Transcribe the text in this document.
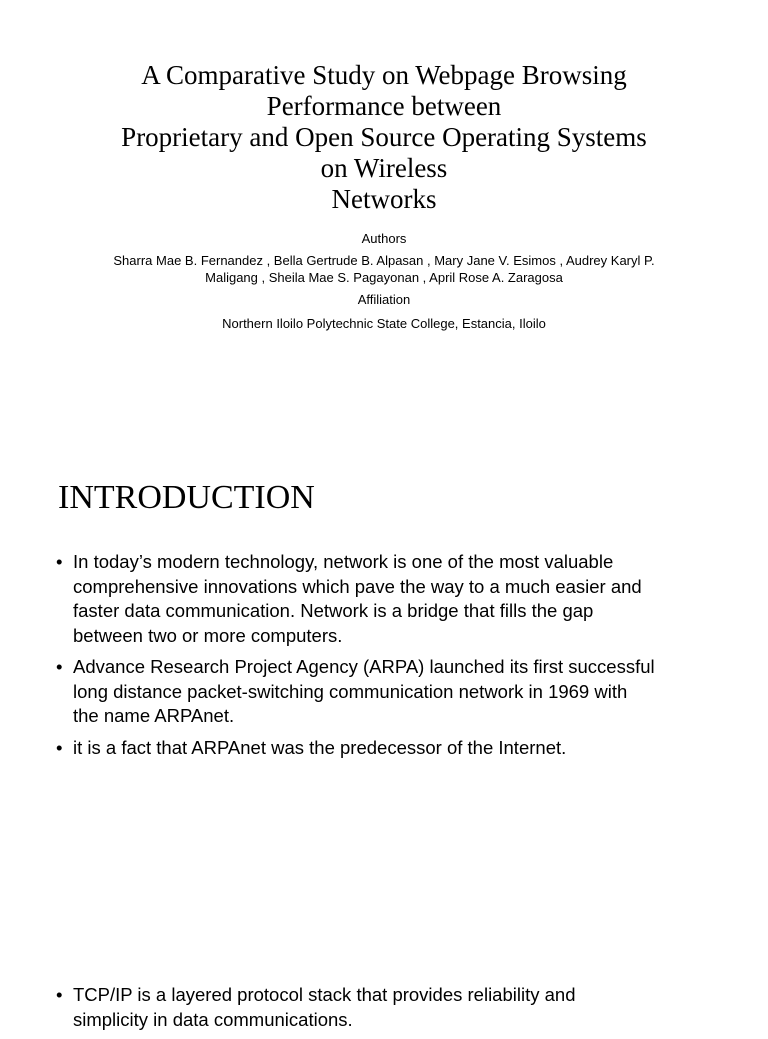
A Comparative Study on Webpage Browsing
Performance between
Proprietary and Open Source Operating Systems
on Wireless
Networks
Authors
Sharra Mae B. Fernandez , Bella Gertrude B. Alpasan , Mary Jane V. Esimos , Audrey Karyl P.
Maligang , Sheila Mae S. Pagayonan , April Rose A. Zaragosa
Affiliation
Northern Iloilo Polytechnic State College, Estancia, Iloilo
INTRODUCTION
• In today’s modern technology, network is one of the most valuable
comprehensive innovations which pave the way to a much easier and
faster data communication. Network is a bridge that fills the gap
between two or more computers.
• Advance Research Project Agency (ARPA) launched its first successful
long distance packet-switching communication network in 1969 with
the name ARPAnet.
• it is a fact that ARPAnet was the predecessor of the Internet.
• TCP/IP is a layered protocol stack that provides reliability and
simplicity in data communications.
